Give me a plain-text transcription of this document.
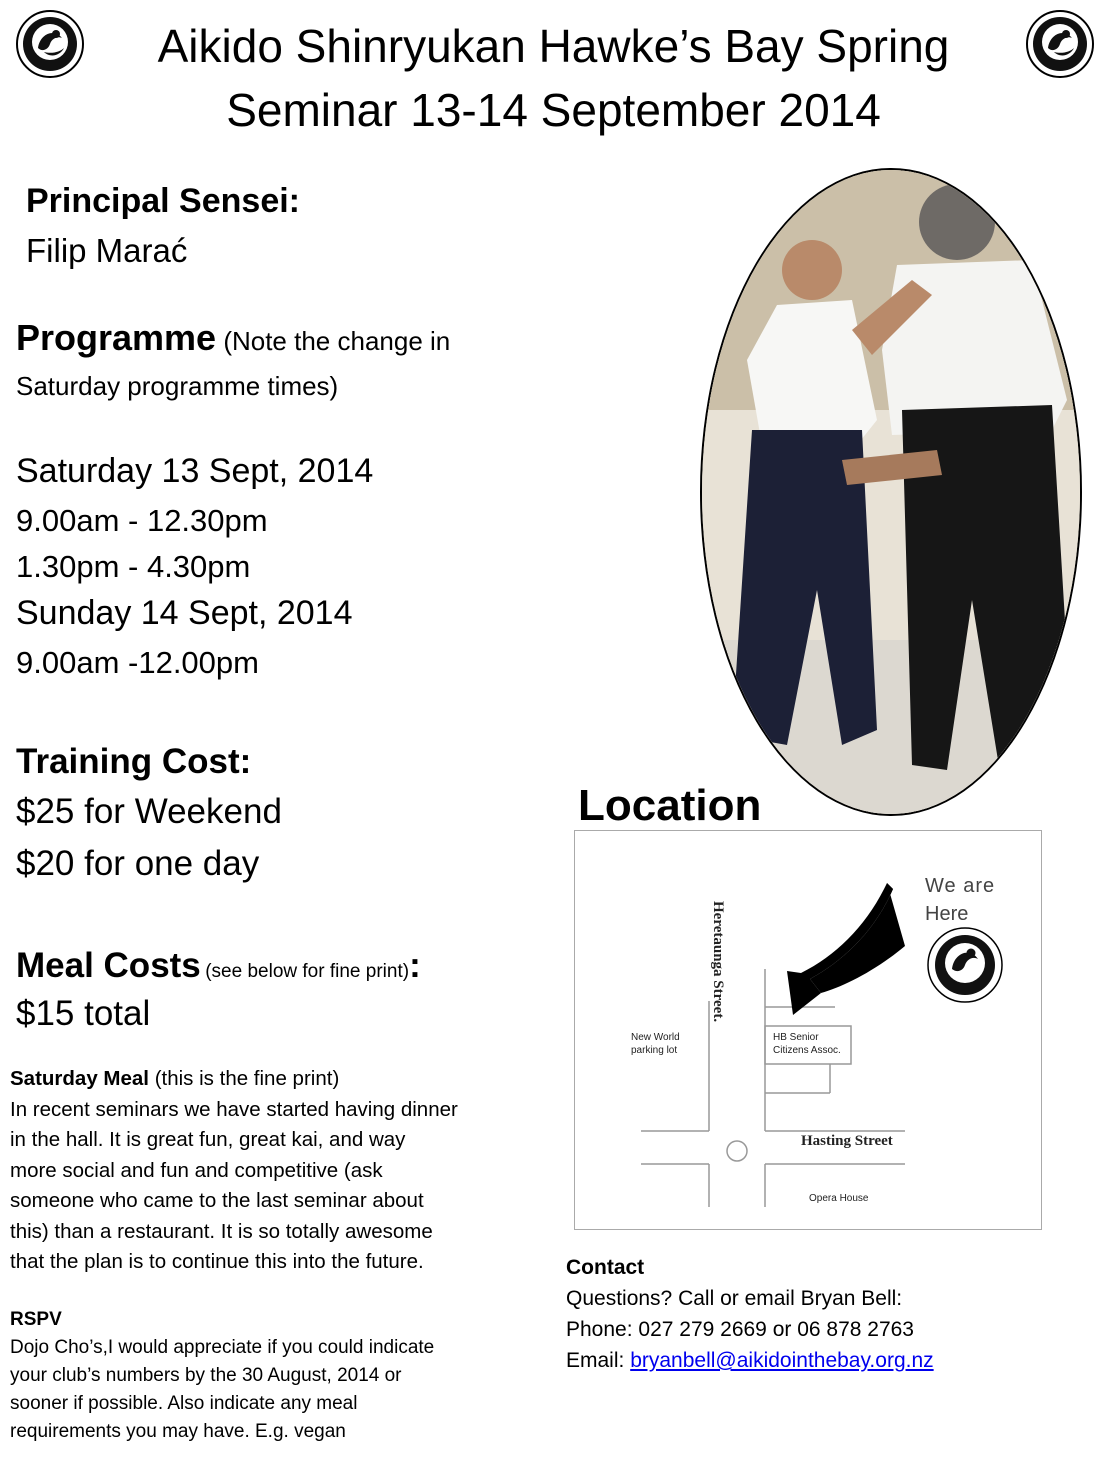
Aikido Shinryukan Hawke’s Bay Spring
Seminar 13-14 September 2014
Principal Sensei:
Filip Marać
Programme (Note the change in
Saturday programme times)
Saturday 13 Sept, 2014
9.00am - 12.30pm
1.30pm - 4.30pm
Sunday 14 Sept, 2014
9.00am -12.00pm
Training Cost:
$25 for Weekend
$20 for one day
Meal Costs (see below for fine print):
$15 total
Saturday Meal (this is the fine print)
In recent seminars we have started having dinner
in the hall. It is great fun, great kai, and way
more social and fun and competitive (ask
someone who came to the last seminar about
this) than a restaurant. It is so totally awesome
that the plan is to continue this into the future.
RSPV
Dojo Cho’s,I would appreciate if you could indicate
your club’s numbers by the 30 August, 2014 or
sooner if possible. Also indicate any meal
requirements you may have. E.g. vegan
Location
We are
Here
Heretaunga Street.
New World
parking lot
HB Senior
Citizens Assoc.
Hasting Street
Opera House
Contact
Questions? Call or email Bryan Bell:
Phone: 027 279 2669 or 06 878 2763
Email: bryanbell@aikidointhebay.org.nz
